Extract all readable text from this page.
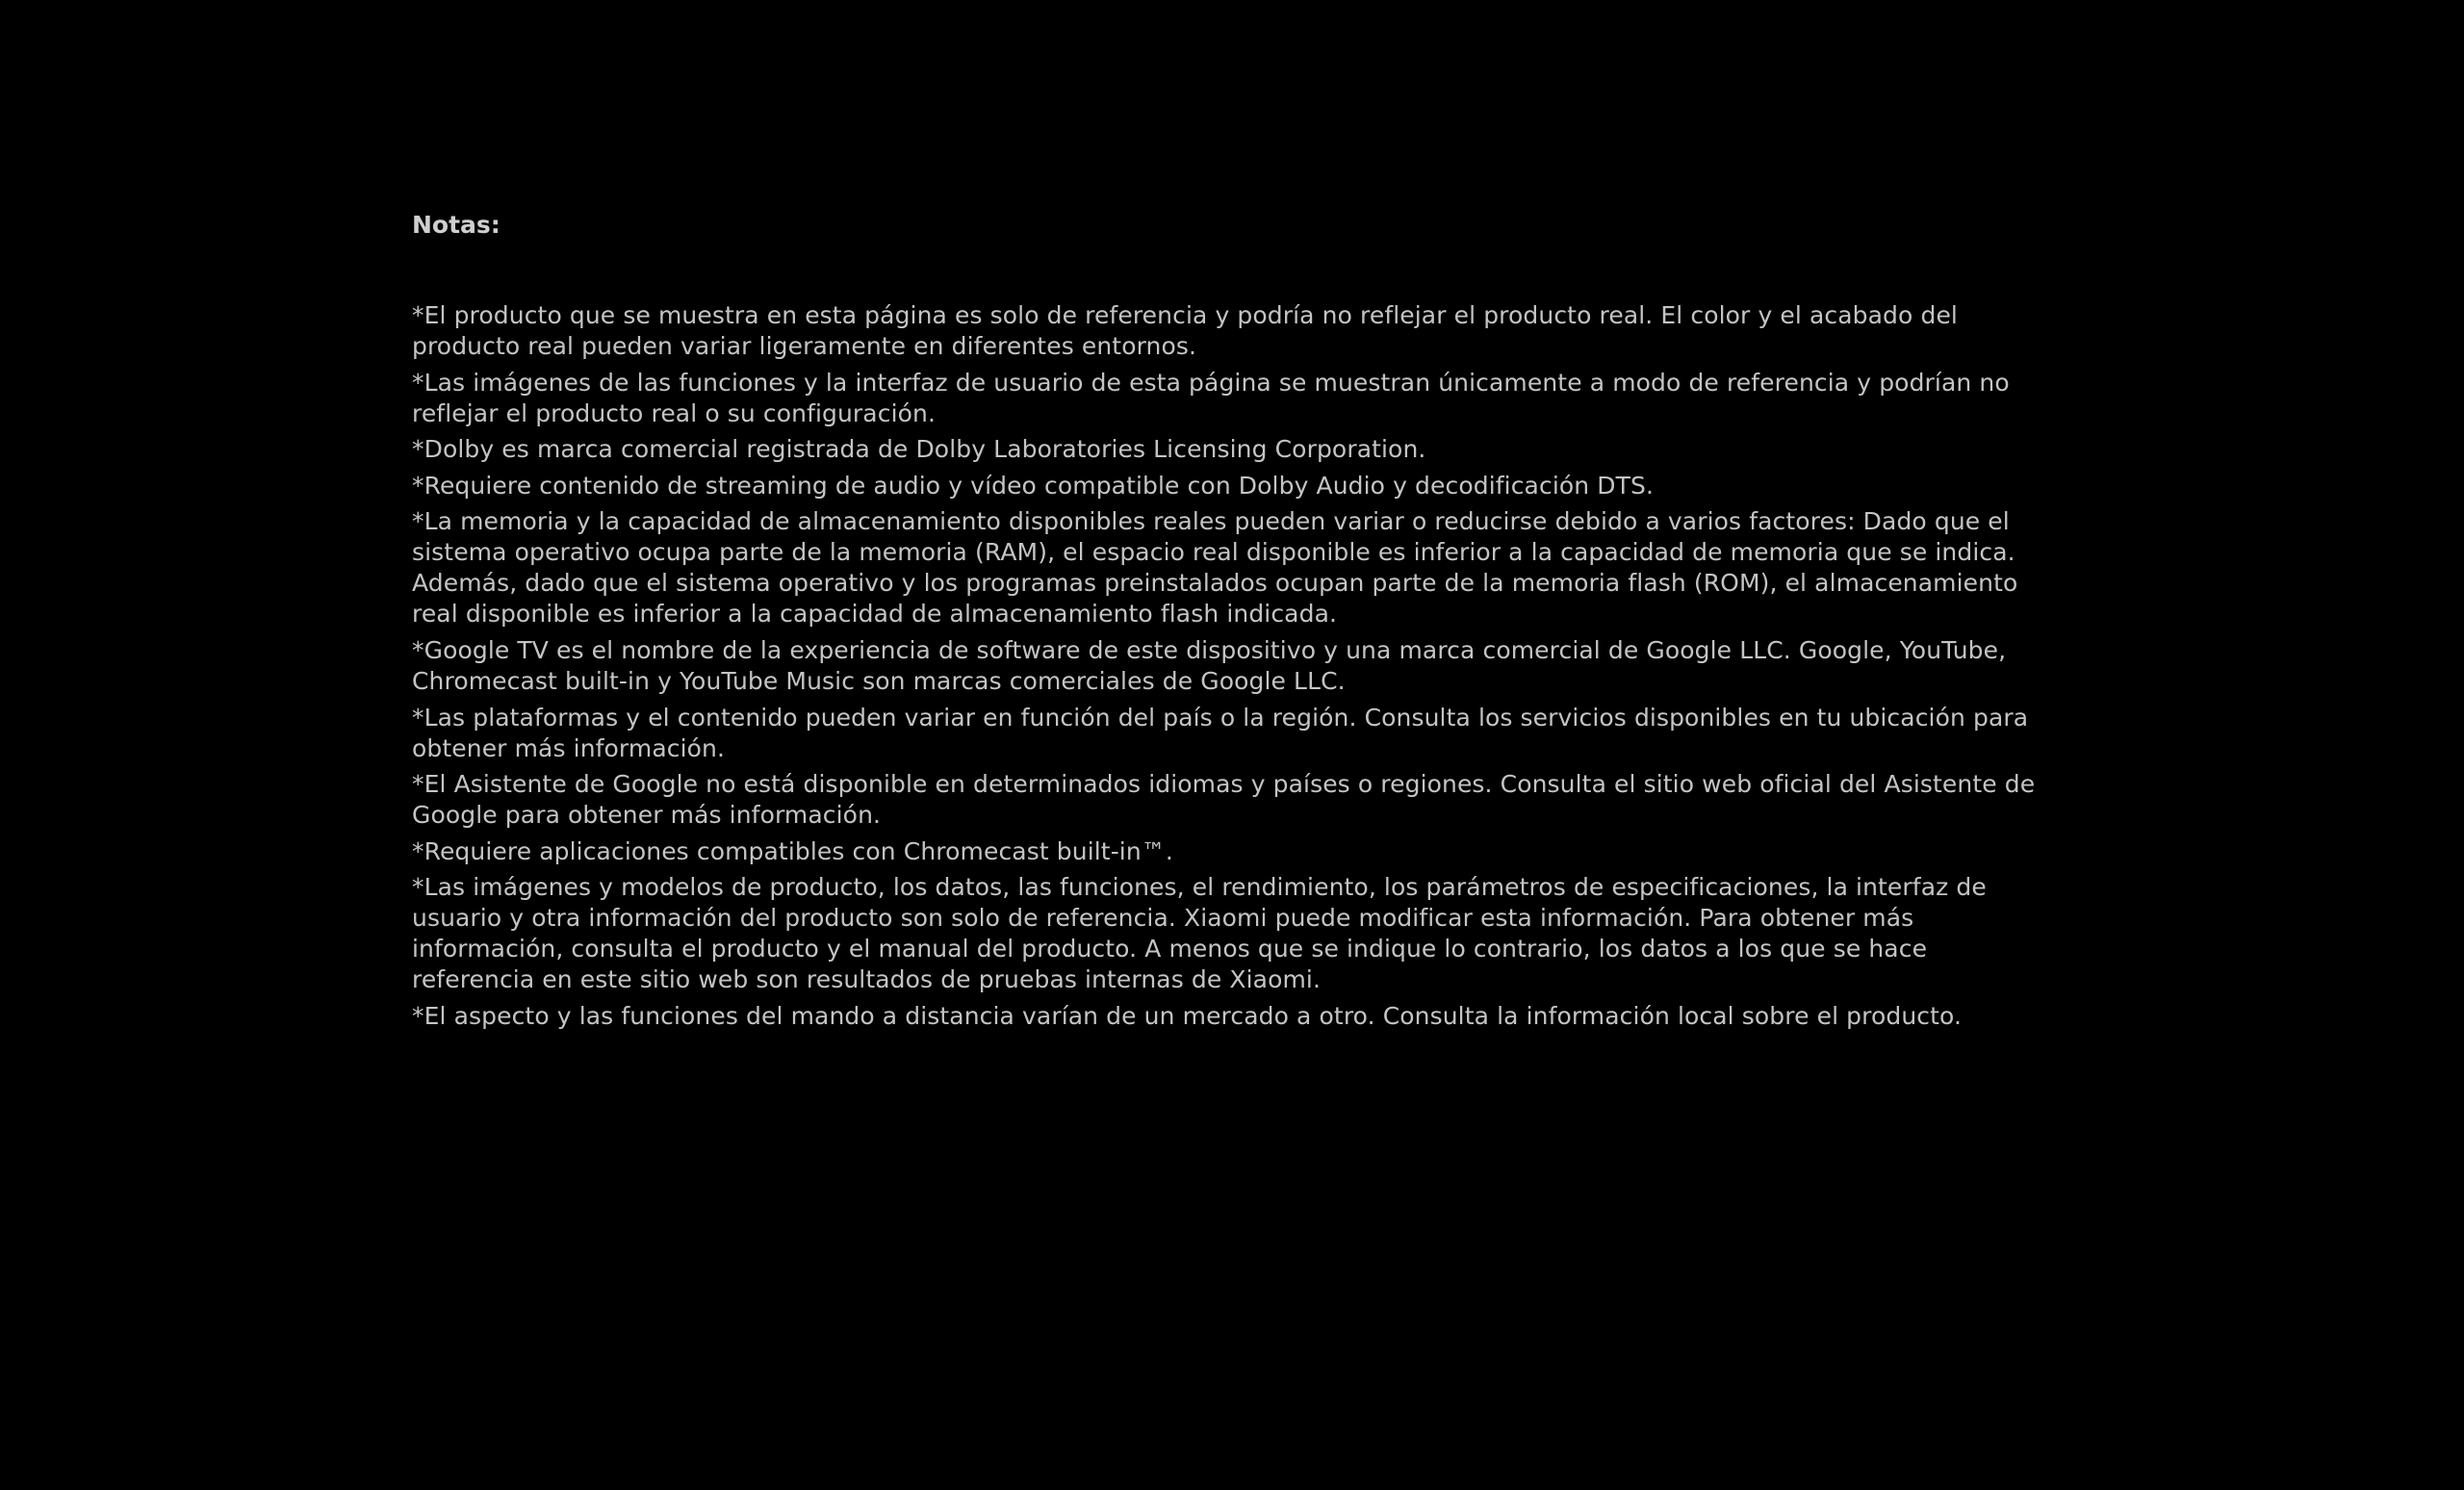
Notas:
*El producto que se muestra en esta página es solo de referencia y podría no reflejar el producto real. El color y el acabado del producto real pueden variar ligeramente en diferentes entornos.
*Las imágenes de las funciones y la interfaz de usuario de esta página se muestran únicamente a modo de referencia y podrían no reflejar el producto real o su configuración.
*Dolby es marca comercial registrada de Dolby Laboratories Licensing Corporation.
*Requiere contenido de streaming de audio y vídeo compatible con Dolby Audio y decodificación DTS.
*La memoria y la capacidad de almacenamiento disponibles reales pueden variar o reducirse debido a varios factores: Dado que el sistema operativo ocupa parte de la memoria (RAM), el espacio real disponible es inferior a la capacidad de memoria que se indica. Además, dado que el sistema operativo y los programas preinstalados ocupan parte de la memoria flash (ROM), el almacenamiento real disponible es inferior a la capacidad de almacenamiento flash indicada.
*Google TV es el nombre de la experiencia de software de este dispositivo y una marca comercial de Google LLC. Google, YouTube, Chromecast built-in y YouTube Music son marcas comerciales de Google LLC.
*Las plataformas y el contenido pueden variar en función del país o la región. Consulta los servicios disponibles en tu ubicación para obtener más información.
*El Asistente de Google no está disponible en determinados idiomas y países o regiones. Consulta el sitio web oficial del Asistente de Google para obtener más información.
*Requiere aplicaciones compatibles con Chromecast built-in™.
*Las imágenes y modelos de producto, los datos, las funciones, el rendimiento, los parámetros de especificaciones, la interfaz de usuario y otra información del producto son solo de referencia. Xiaomi puede modificar esta información. Para obtener más información, consulta el producto y el manual del producto. A menos que se indique lo contrario, los datos a los que se hace referencia en este sitio web son resultados de pruebas internas de Xiaomi.
*El aspecto y las funciones del mando a distancia varían de un mercado a otro. Consulta la información local sobre el producto.
